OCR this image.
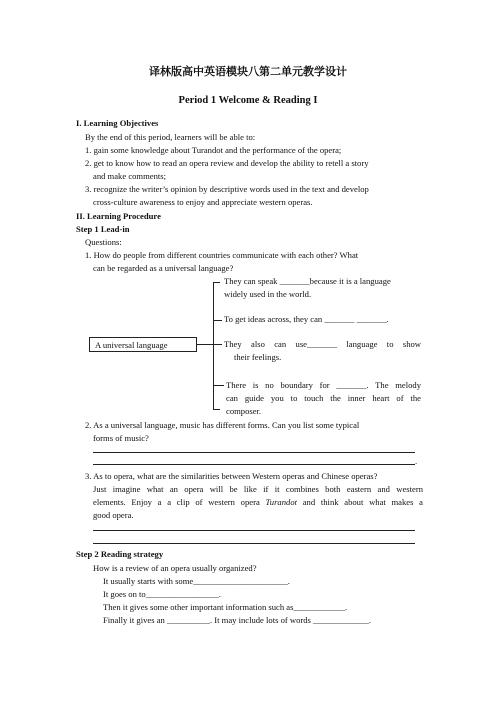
译林版高中英语模块八第二单元教学设计
Period 1 Welcome & Reading I
I. Learning Objectives
By the end of this period, learners will be able to:
1. gain some knowledge about Turandot and the performance of the opera;
2. get to know how to read an opera review and develop the ability to retell a story
and make comments;
3. recognize the writer’s opinion by descriptive words used in the text and develop
cross-culture awareness to enjoy and appreciate western operas.
II. Learning Procedure
Step 1 Lead-in
Questions:
1. How do people from different countries communicate with each other? What
can be regarded as a universal language?
A universal language
They can speak _______because it is a language
widely used in the world.
To get ideas across, they can _______ _______.
They also can use_______ language to show
their feelings.
There is no boundary for _______. The melody
can guide you to touch the inner heart of the
composer.
2. As a universal language, music has different forms. Can you list some typical
forms of music?
.
3. As to opera, what are the similarities between Western operas and Chinese operas?
Just imagine what an opera will be like if it combines both eastern and western
elements. Enjoy a a clip of western opera Turandot and think about what makes a
good opera.
Step 2 Reading strategy
How is a review of an opera usually organized?
It usually starts with some______________________.
It goes on to_________________.
Then it gives some other important information such as____________.
Finally it gives an __________. It may include lots of words _____________.
